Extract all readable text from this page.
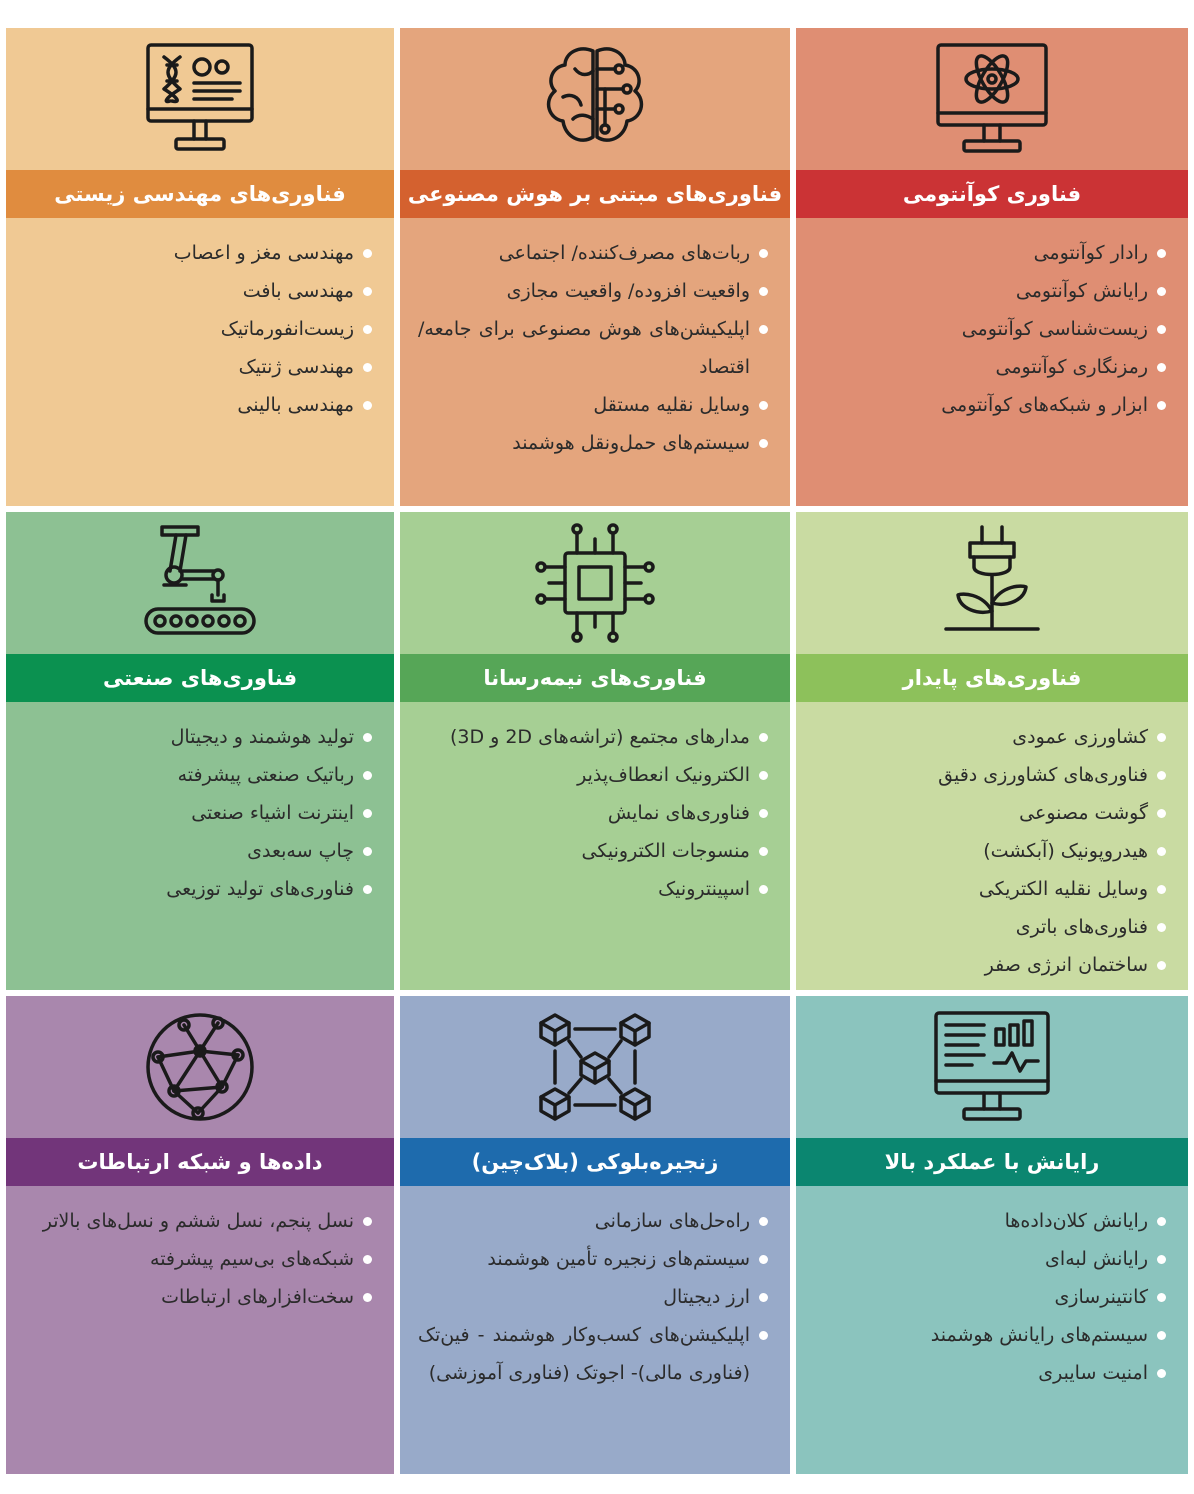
فناوری‌های مهندسی زیستی
مهندسی مغز و اعصاب
مهندسی بافت
زیست‌انفورماتیک
مهندسی ژنتیک
مهندسی بالینی
فناوری‌های مبتنی بر هوش مصنوعی
ربات‌های مصرف‌کننده/ اجتماعی
واقعیت افزوده/ واقعیت مجازی
اپلیکیشن‌های هوش مصنوعی برای جامعه/ اقتصاد
وسایل نقلیه مستقل
سیستم‌های حمل‌ونقل هوشمند
فناوری کوآنتومی
رادار کوآنتومی
رایانش کوآنتومی
زیست‌شناسی کوآنتومی
رمزنگاری کوآنتومی
ابزار و شبکه‌های کوآنتومی
فناوری‌های صنعتی
تولید هوشمند و دیجیتال
رباتیک صنعتی پیشرفته
اینترنت اشیاء صنعتی
چاپ سه‌بعدی
فناوری‌های تولید توزیعی
فناوری‌های نیمه‌رسانا
مدارهای مجتمع (تراشه‌های 2D و 3D)
الکترونیک انعطاف‌پذیر
فناوری‌های نمایش
منسوجات الکترونیکی
اسپینترونیک
فناوری‌های پایدار
کشاورزی عمودی
فناوری‌های کشاورزی دقیق
گوشت مصنوعی
هیدروپونیک (آبکشت)
وسایل نقلیه الکتریکی
فناوری‌های باتری
ساختمان انرژی صفر
داده‌ها و شبکه ارتباطات
نسل پنجم، نسل ششم و نسل‌های بالاتر
شبکه‌های بی‌سیم پیشرفته
سخت‌افزارهای ارتباطات
زنجیره‌بلوکی (بلاک‌چین)
راه‌حل‌های سازمانی
سیستم‌های زنجیره تأمین هوشمند
ارز دیجیتال
اپلیکیشن‌های کسب‌وکار هوشمند - فین‌تک (فناوری مالی)- اجوتک (فناوری آموزشی)
رایانش با عملکرد بالا
رایانش کلان‌داده‌ها
رایانش لبه‌ای
کانتینرسازی
سیستم‌های رایانش هوشمند
امنیت سایبری
